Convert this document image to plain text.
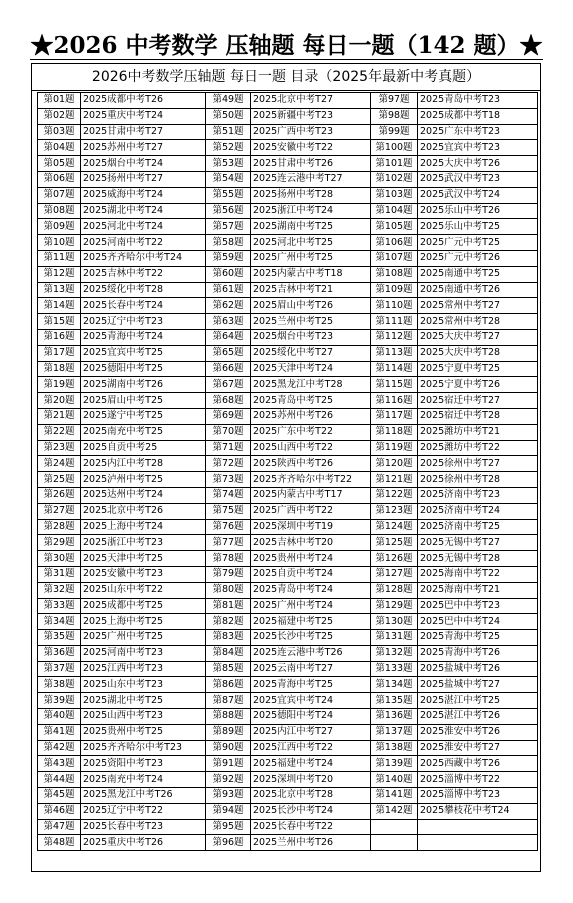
★2026 中考数学 压轴题 每日一题（142 题）★
2026中考数学压轴题 每日一题 目录（2025年最新中考真题）
第01题	2025成都中考T26	第49题	2025北京中考T27	第97题	2025青岛中考T23
第02题	2025重庆中考T24	第50题	2025新疆中考T23	第98题	2025成都中考T18
第03题	2025甘肃中考T27	第51题	2025广西中考T23	第99题	2025广东中考T23
第04题	2025苏州中考T27	第52题	2025安徽中考T22	第100题	2025宜宾中考T23
第05题	2025烟台中考T24	第53题	2025甘肃中考T26	第101题	2025大庆中考T26
第06题	2025扬州中考T27	第54题	2025连云港中考T27	第102题	2025武汉中考T23
第07题	2025威海中考T24	第55题	2025扬州中考T28	第103题	2025武汉中考T24
第08题	2025湖北中考T24	第56题	2025浙江中考T24	第104题	2025乐山中考T26
第09题	2025河北中考T24	第57题	2025湖南中考T25	第105题	2025乐山中考T25
第10题	2025河南中考T22	第58题	2025河北中考T25	第106题	2025广元中考T25
第11题	2025齐齐哈尔中考T24	第59题	2025广州中考T25	第107题	2025广元中考T26
第12题	2025吉林中考T22	第60题	2025内蒙古中考T18	第108题	2025南通中考T25
第13题	2025绥化中考T28	第61题	2025吉林中考T21	第109题	2025南通中考T26
第14题	2025长春中考T24	第62题	2025眉山中考T26	第110题	2025常州中考T27
第15题	2025辽宁中考T23	第63题	2025兰州中考T25	第111题	2025常州中考T28
第16题	2025青海中考T24	第64题	2025烟台中考T23	第112题	2025大庆中考T27
第17题	2025宜宾中考T25	第65题	2025绥化中考T27	第113题	2025大庆中考T28
第18题	2025德阳中考T25	第66题	2025天津中考T24	第114题	2025宁夏中考T25
第19题	2025湖南中考T26	第67题	2025黑龙江中考T28	第115题	2025宁夏中考T26
第20题	2025眉山中考T25	第68题	2025青岛中考T25	第116题	2025宿迁中考T27
第21题	2025遂宁中考T25	第69题	2025苏州中考T26	第117题	2025宿迁中考T28
第22题	2025南充中考T25	第70题	2025广东中考T22	第118题	2025潍坊中考T21
第23题	2025自贡中考25	第71题	2025山西中考T22	第119题	2025潍坊中考T22
第24题	2025内江中考T28	第72题	2025陕西中考T26	第120题	2025徐州中考T27
第25题	2025泸州中考T25	第73题	2025齐齐哈尔中考T22	第121题	2025徐州中考T28
第26题	2025达州中考T24	第74题	2025内蒙古中考T17	第122题	2025济南中考T23
第27题	2025北京中考T26	第75题	2025广西中考T22	第123题	2025济南中考T24
第28题	2025上海中考T24	第76题	2025深圳中考T19	第124题	2025济南中考T25
第29题	2025浙江中考T23	第77题	2025吉林中考T20	第125题	2025无锡中考T27
第30题	2025天津中考T25	第78题	2025贵州中考T24	第126题	2025无锡中考T28
第31题	2025安徽中考T23	第79题	2025自贡中考T24	第127题	2025海南中考T22
第32题	2025山东中考T22	第80题	2025青岛中考T24	第128题	2025海南中考T21
第33题	2025成都中考T25	第81题	2025广州中考T24	第129题	2025巴中中考T23
第34题	2025上海中考T25	第82题	2025福建中考T25	第130题	2025巴中中考T24
第35题	2025广州中考T25	第83题	2025长沙中考T25	第131题	2025青海中考T25
第36题	2025河南中考T23	第84题	2025连云港中考T26	第132题	2025青海中考T26
第37题	2025江西中考T23	第85题	2025云南中考T27	第133题	2025盐城中考T26
第38题	2025山东中考T23	第86题	2025青海中考T25	第134题	2025盐城中考T27
第39题	2025湖北中考T25	第87题	2025宜宾中考T24	第135题	2025湛江中考T25
第40题	2025山西中考T23	第88题	2025德阳中考T24	第136题	2025湛江中考T26
第41题	2025贵州中考T25	第89题	2025内江中考T27	第137题	2025淮安中考T26
第42题	2025齐齐哈尔中考T23	第90题	2025江西中考T22	第138题	2025淮安中考T27
第43题	2025资阳中考T23	第91题	2025福建中考T24	第139题	2025西藏中考T26
第44题	2025南充中考T24	第92题	2025深圳中考T20	第140题	2025淄博中考T22
第45题	2025黑龙江中考T26	第93题	2025北京中考T28	第141题	2025淄博中考T23
第46题	2025辽宁中考T22	第94题	2025长沙中考T24	第142题	2025攀枝花中考T24
第47题	2025长春中考T23	第95题	2025长春中考T22		
第48题	2025重庆中考T26	第96题	2025兰州中考T26		
